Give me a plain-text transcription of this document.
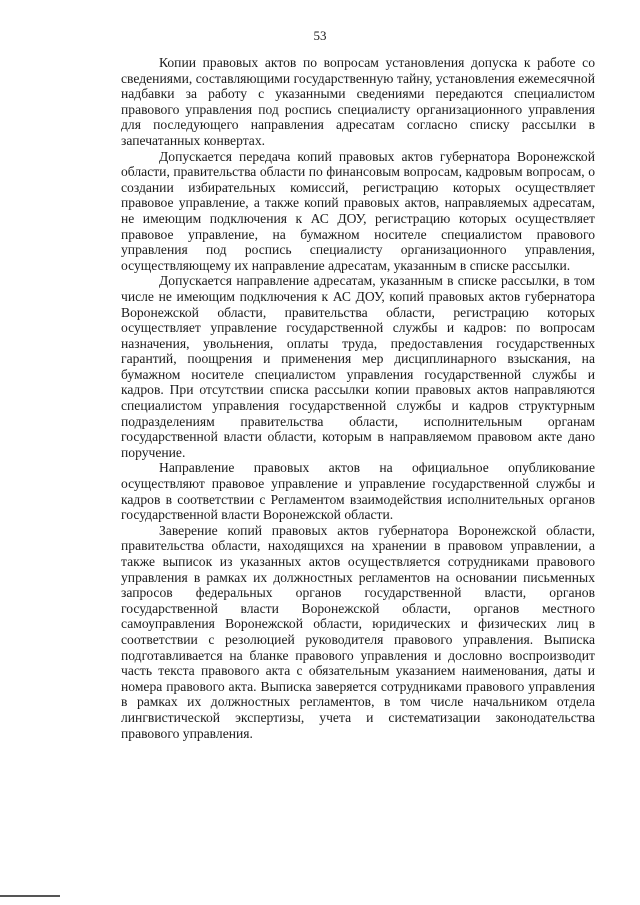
53

Копии правовых актов по вопросам установления допуска к работе со сведениями, составляющими государственную тайну, установления ежемесячной надбавки за работу с указанными сведениями передаются специалистом правового управления под роспись специалисту организационного управления для последующего направления адресатам согласно списку рассылки в запечатанных конвертах.

Допускается передача копий правовых актов губернатора Воронежской области, правительства области по финансовым вопросам, кадровым вопросам, о создании избирательных комиссий, регистрацию которых осуществляет правовое управление, а также копий правовых актов, направляемых адресатам, не имеющим подключения к АС ДОУ, регистрацию которых осуществляет правовое управление, на бумажном носителе специалистом правового управления под роспись специалисту организационного управления, осуществляющему их направление адресатам, указанным в списке рассылки.

Допускается направление адресатам, указанным в списке рассылки, в том числе не имеющим подключения к АС ДОУ, копий правовых актов губернатора Воронежской области, правительства области, регистрацию которых осуществляет управление государственной службы и кадров: по вопросам назначения, увольнения, оплаты труда, предоставления государственных гарантий, поощрения и применения мер дисциплинарного взыскания, на бумажном носителе специалистом управления государственной службы и кадров. При отсутствии списка рассылки копии правовых актов направляются специалистом управления государственной службы и кадров структурным подразделениям правительства области, исполнительным органам государственной власти области, которым в направляемом правовом акте дано поручение.

Направление правовых актов на официальное опубликование осуществляют правовое управление и управление государственной службы и кадров в соответствии с Регламентом взаимодействия исполнительных органов государственной власти Воронежской области.

Заверение копий правовых актов губернатора Воронежской области, правительства области, находящихся на хранении в правовом управлении, а также выписок из указанных актов осуществляется сотрудниками правового управления в рамках их должностных регламентов на основании письменных запросов федеральных органов государственной власти, органов государственной власти Воронежской области, органов местного самоуправления Воронежской области, юридических и физических лиц в соответствии с резолюцией руководителя правового управления. Выписка подготавливается на бланке правового управления и дословно воспроизводит часть текста правового акта с обязательным указанием наименования, даты и номера правового акта. Выписка заверяется сотрудниками правового управления в рамках их должностных регламентов, в том числе начальником отдела лингвистической экспертизы, учета и систематизации законодательства правового управления.
